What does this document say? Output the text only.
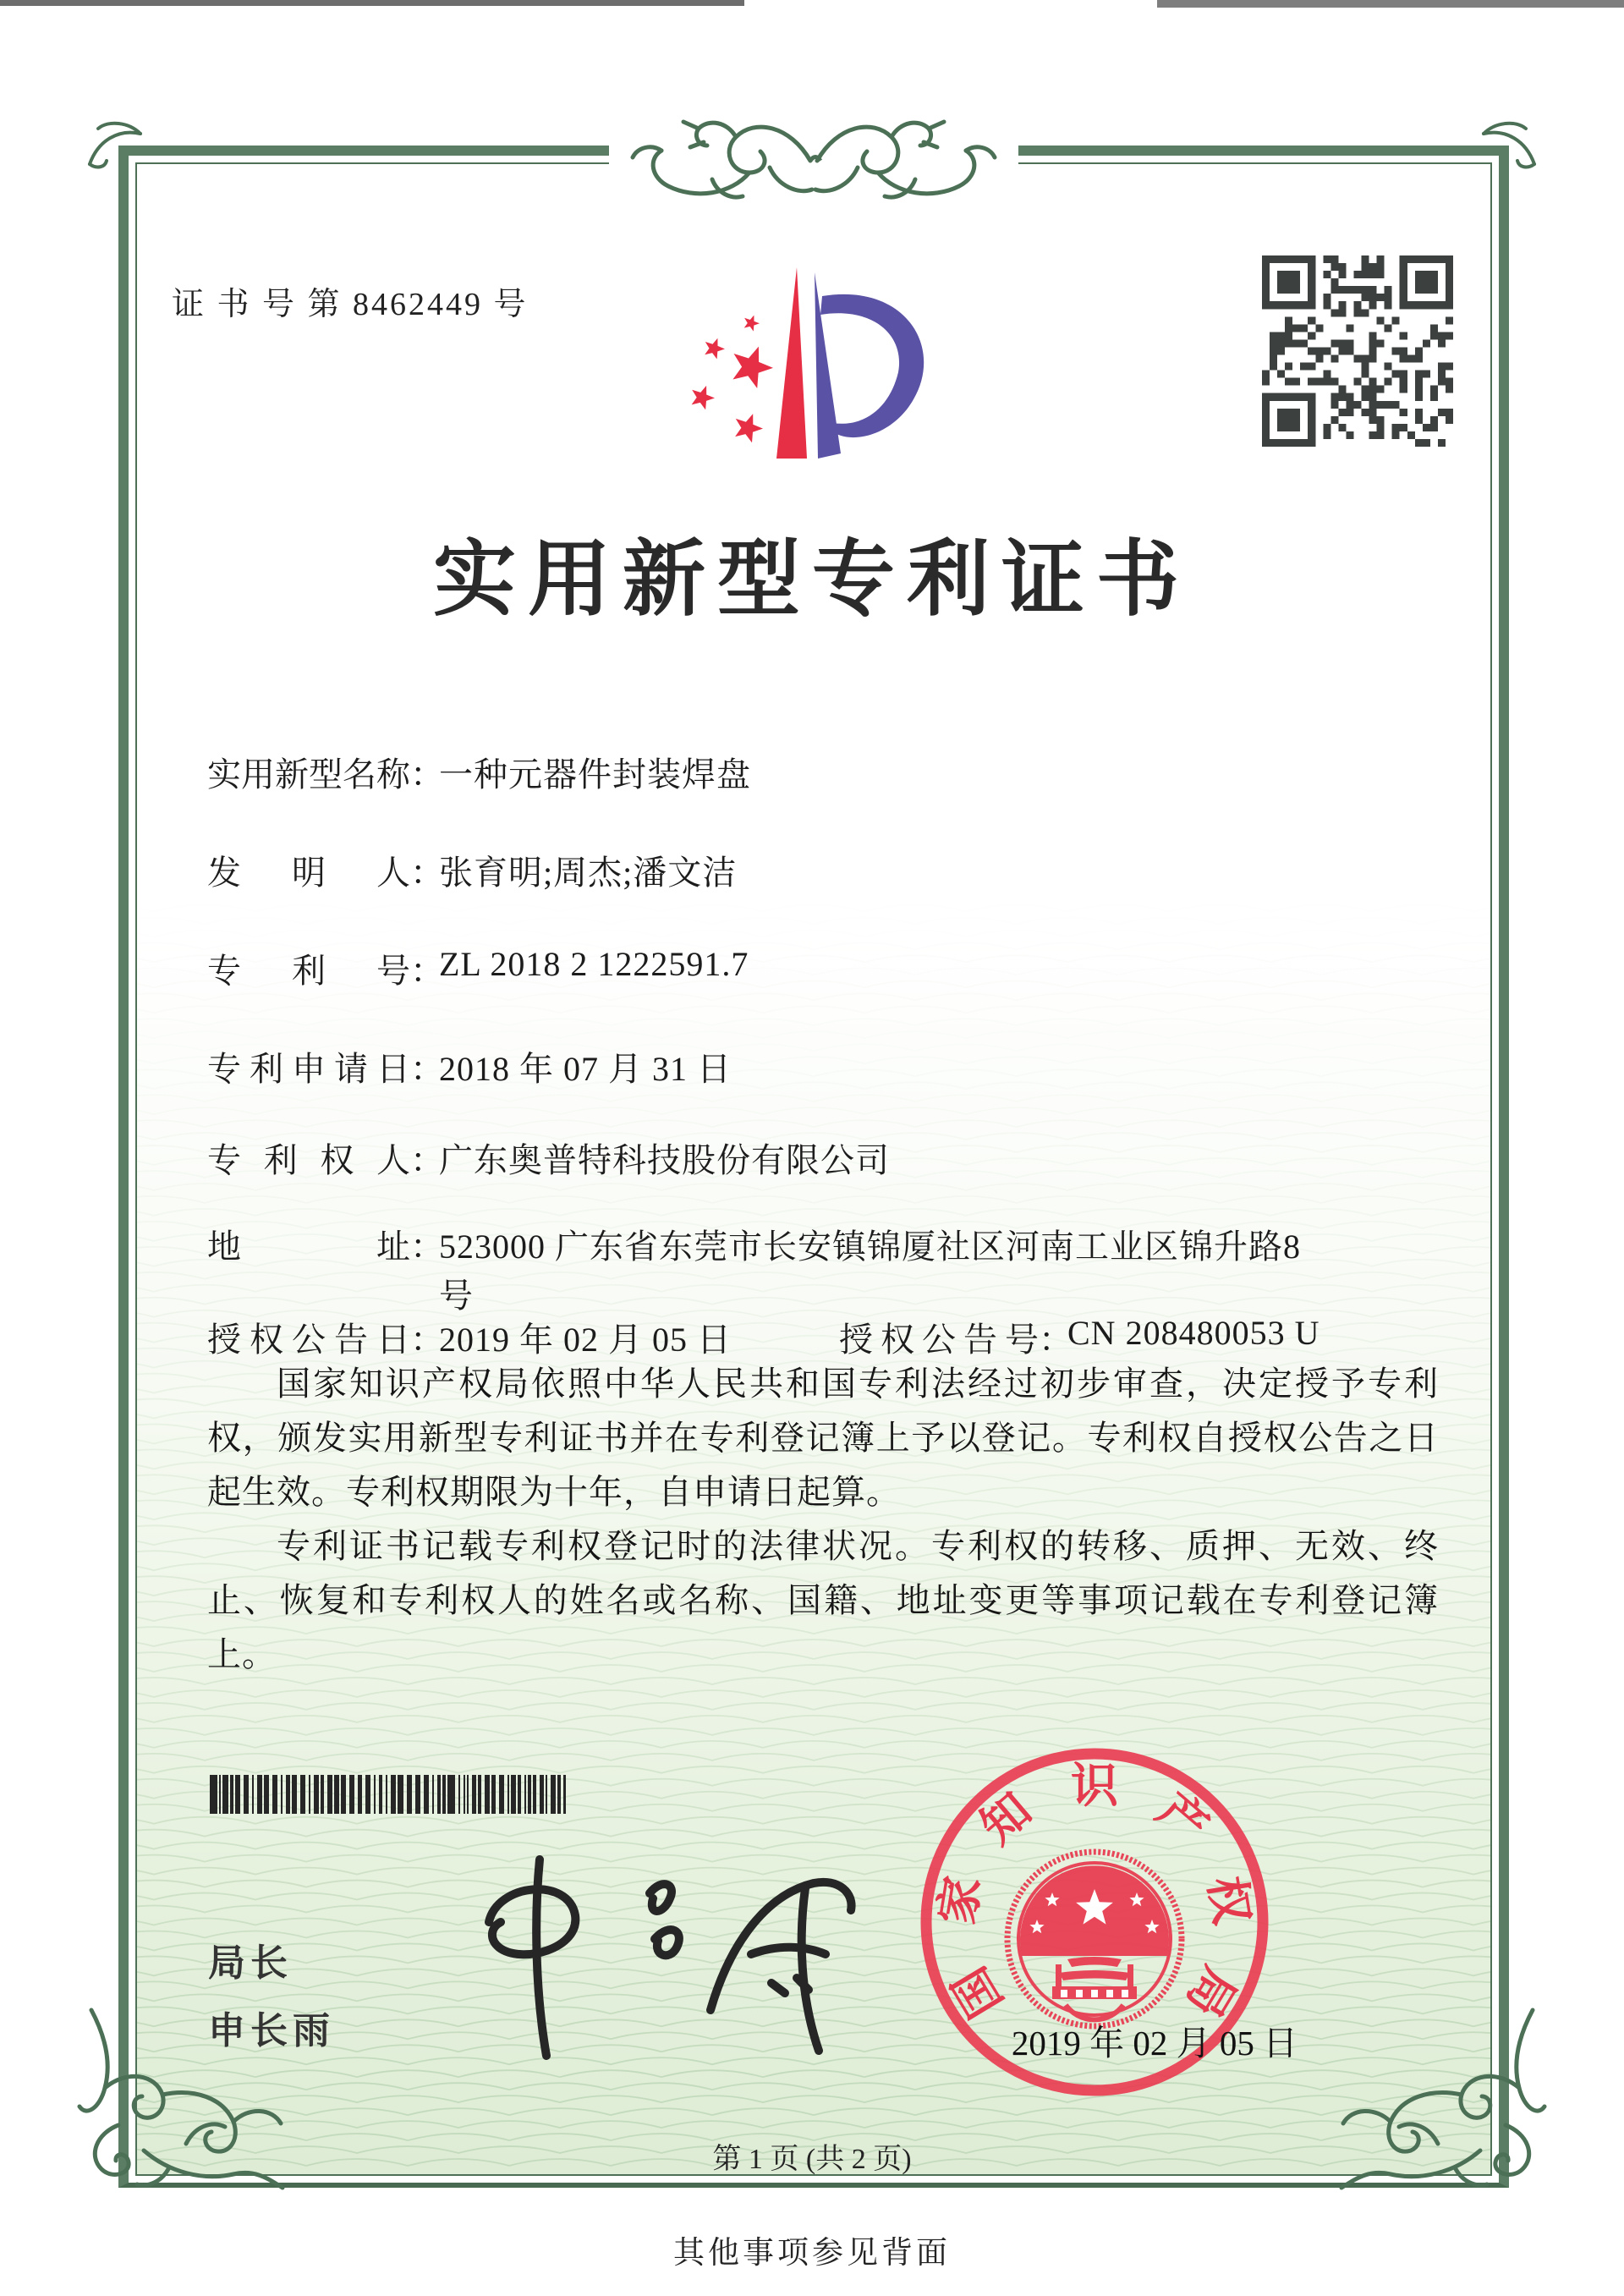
证 书 号 第 8462449 号
实用新型专利证书
实用新型名称：一种元器件封装焊盘
发 明 人：张育明;周杰;潘文洁
专 利 号：ZL 2018 2 1222591.7
专利申请日：2018 年 07 月 31 日
专 利 权 人：广东奥普特科技股份有限公司
地 址：523000 广东省东莞市长安镇锦厦社区河南工业区锦升路8
号
授权公告日：2019 年 02 月 05 日	授权公告号：CN 208480053 U

国家知识产权局依照中华人民共和国专利法经过初步审查，决定授予专利权，颁发实用新型专利证书并在专利登记簿上予以登记。专利权自授权公告之日起生效。专利权期限为十年，自申请日起算。

专利证书记载专利权登记时的法律状况。专利权的转移、质押、无效、终止、恢复和专利权人的姓名或名称、国籍、地址变更等事项记载在专利登记簿上。

局长
申长雨
国
家
知 识 产
权
局
2019 年 02 月 05 日
第 1 页 (共 2 页)
其他事项参见背面
